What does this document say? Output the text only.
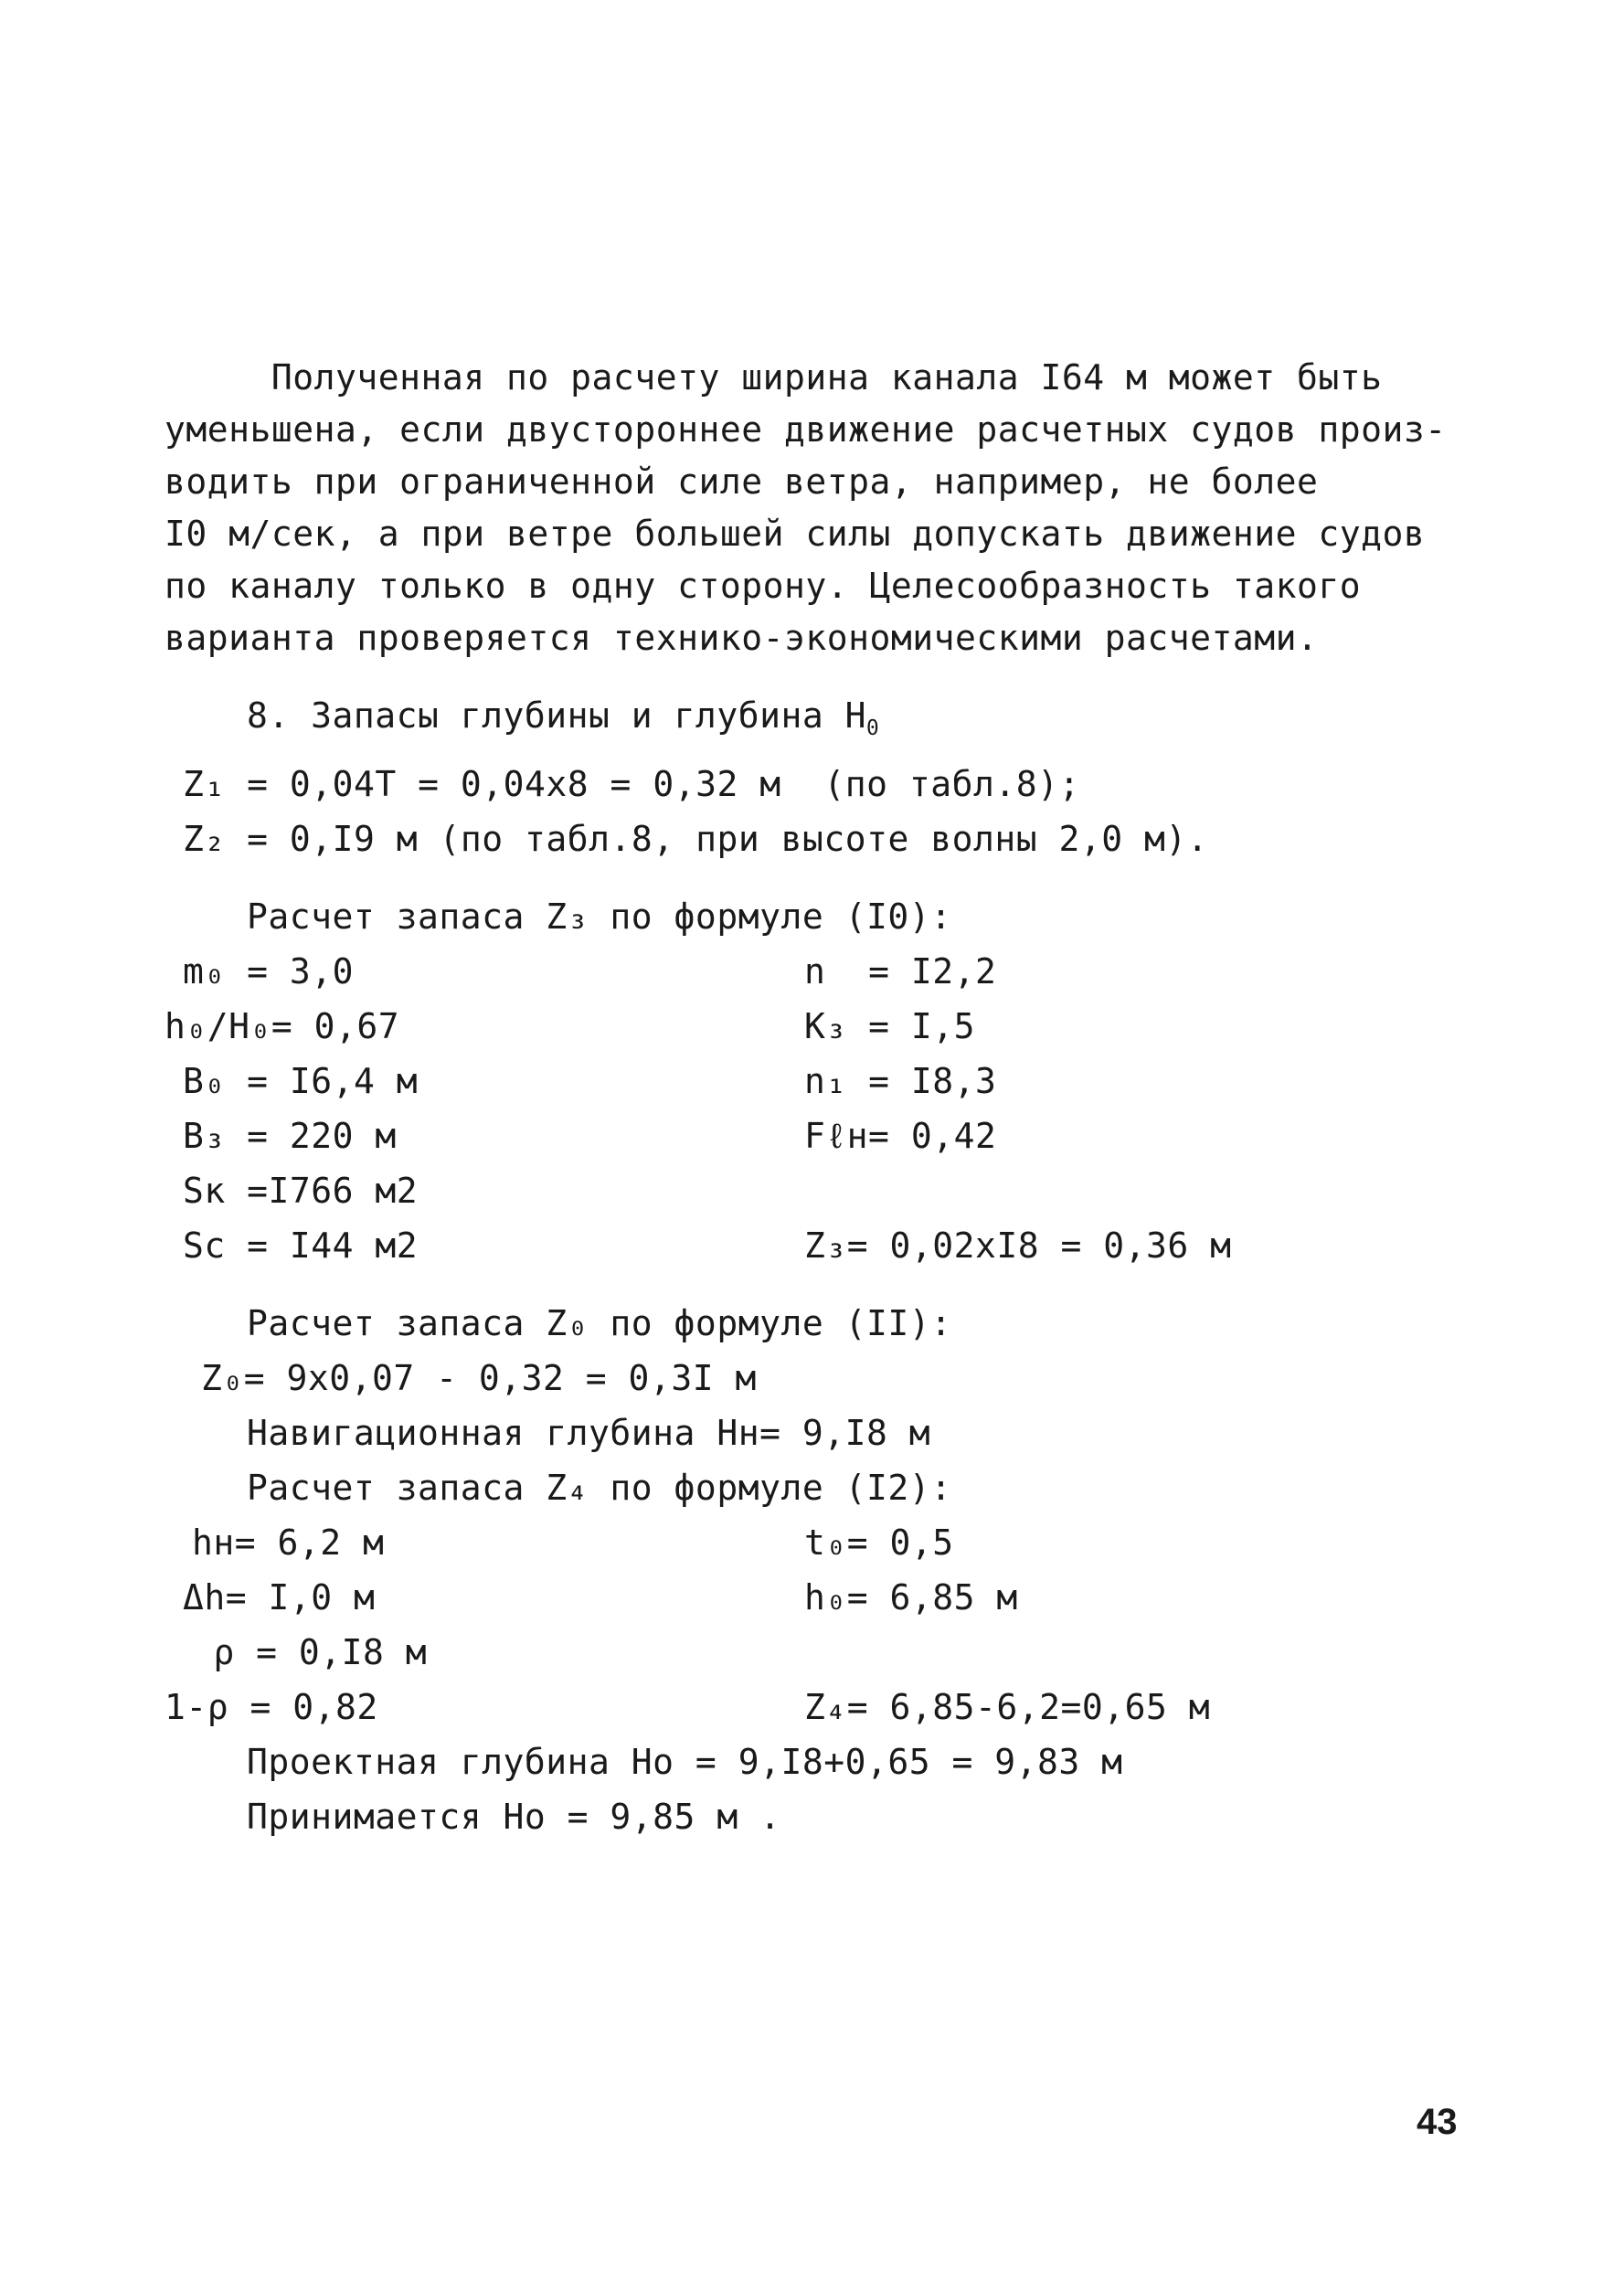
Полученная по расчету ширина канала I64 м может быть
уменьшена, если двустороннее движение расчетных судов произ-
водить при ограниченной силе ветра, например, не более
I0 м/сек, а при ветре большей силы допускать движение судов
по каналу только в одну сторону. Целесообразность такого
варианта проверяется технико-экономическими расчетами.
8. Запасы глубины и глубина $H_0$
Z₁ = 0,04T = 0,04x8 = 0,32 м  (по табл.8);
Z₂ = 0,I9 м (по табл.8, при высоте волны 2,0 м).
Расчет запаса Z₃ по формуле (I0):
m₀ = 3,0
h₀/H₀= 0,67
B₀ = I6,4 м
B₃ = 220 м
Sк =I766 м2
Sс = I44 м2
n  = I2,2
K₃ = I,5
n₁ = I8,3
Fℓн= 0,42
Z₃= 0,02xI8 = 0,36 м
Расчет запаса Z₀ по формуле (II):
Z₀= 9x0,07 - 0,32 = 0,3I м
Навигационная глубина Hн= 9,I8 м
Расчет запаса Z₄ по формуле (I2):
hн= 6,2 м
Δh= I,0 м
ρ = 0,I8 м
1-ρ = 0,82
t₀= 0,5
h₀= 6,85 м
Z₄= 6,85-6,2=0,65 м
Проектная глубина Ho = 9,I8+0,65 = 9,83 м
Принимается Ho = 9,85 м .
43
